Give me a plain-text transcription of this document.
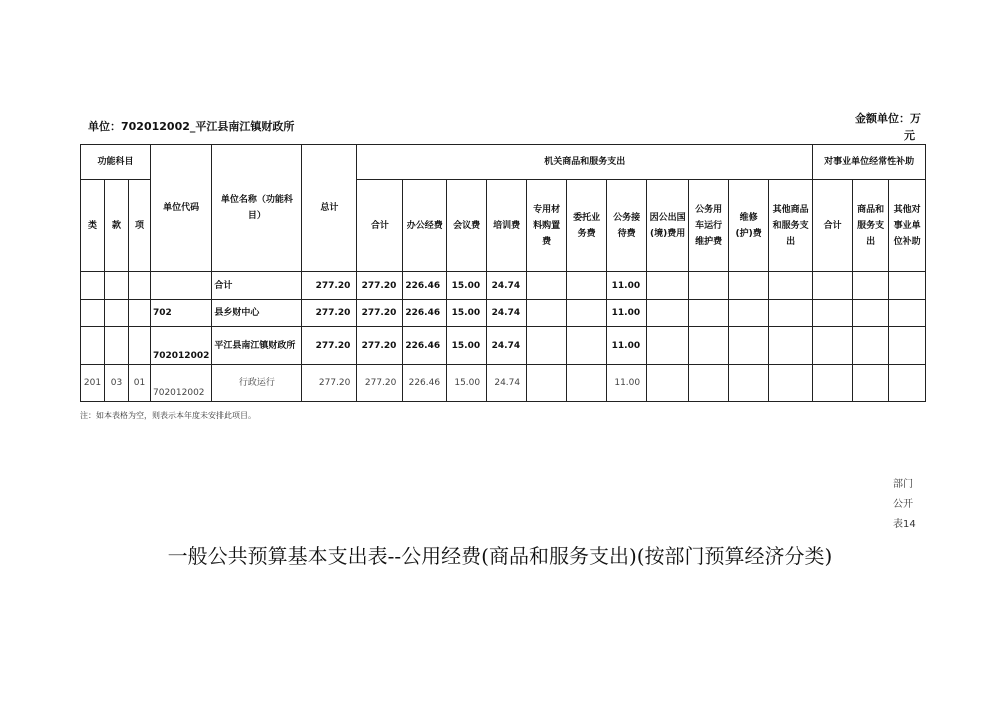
单位：702012002_平江县南江镇财政所
金额单位：万
元
功能科目			单位代码	单位名称（功能科目）	总计	机关商品和服务支出											对事业单位经常性补助		
类	款	项				合计	办公经费	会议费	培训费	专用材料购置费	委托业务费	公务接待费	因公出国(境)费用	公务用车运行维护费	维修(护)费	其他商品和服务支出	合计	商品和服务支出	其他对事业单位补助
				合计	277.20	277.20	226.46	15.00	24.74			11.00							
			702	县乡财中心	277.20	277.20	226.46	15.00	24.74			11.00							
			702012002	平江县南江镇财政所	277.20	277.20	226.46	15.00	24.74			11.00							
201	03	01	702012002	行政运行	277.20	277.20	226.46	15.00	24.74			11.00							
注：如本表格为空，则表示本年度未安排此项目。
部门
公开
表14
一般公共预算基本支出表--公用经费(商品和服务支出)(按部门预算经济分类)
